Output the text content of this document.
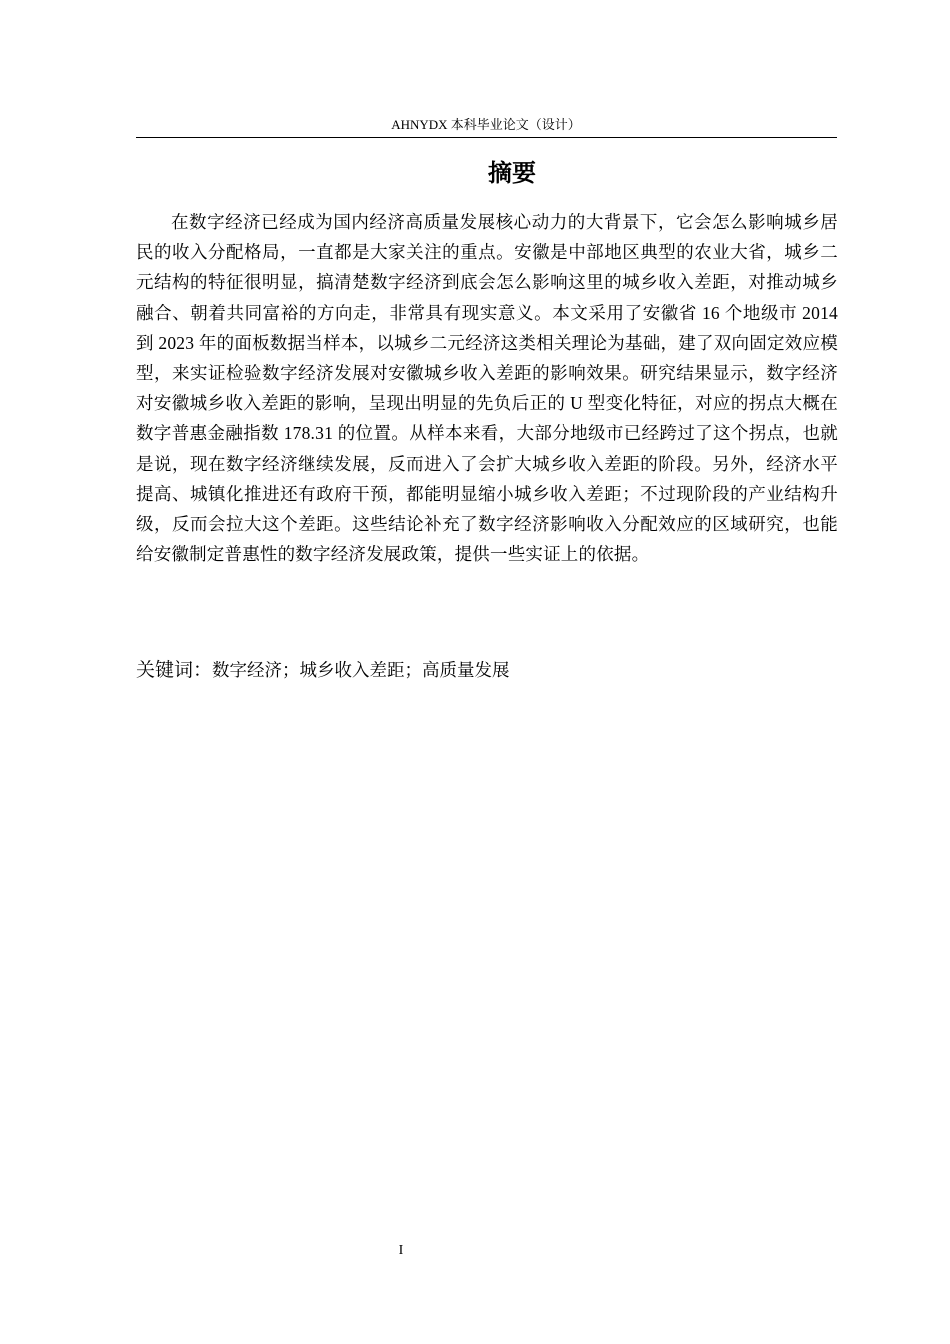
AHNYDX 本科毕业论文（设计）
摘要

在数字经济已经成为国内经济高质量发展核心动力的大背景下，它会怎么影响城乡居民的收入分配格局，一直都是大家关注的重点。安徽是中部地区典型的农业大省，城乡二元结构的特征很明显，搞清楚数字经济到底会怎么影响这里的城乡收入差距，对推动城乡融合、朝着共同富裕的方向走，非常具有现实意义。本文采用了安徽省 16 个地级市 2014 到 2023 年的面板数据当样本，以城乡二元经济这类相关理论为基础，建了双向固定效应模型，来实证检验数字经济发展对安徽城乡收入差距的影响效果。研究结果显示，数字经济对安徽城乡收入差距的影响，呈现出明显的先负后正的 U 型变化特征，对应的拐点大概在数字普惠金融指数 178.31 的位置。从样本来看，大部分地级市已经跨过了这个拐点，也就是说，现在数字经济继续发展，反而进入了会扩大城乡收入差距的阶段。另外，经济水平提高、城镇化推进还有政府干预，都能明显缩小城乡收入差距；不过现阶段的产业结构升级，反而会拉大这个差距。这些结论补充了数字经济影响收入分配效应的区域研究，也能给安徽制定普惠性的数字经济发展政策，提供一些实证上的依据。

关键词：数字经济；城乡收入差距；高质量发展
I
